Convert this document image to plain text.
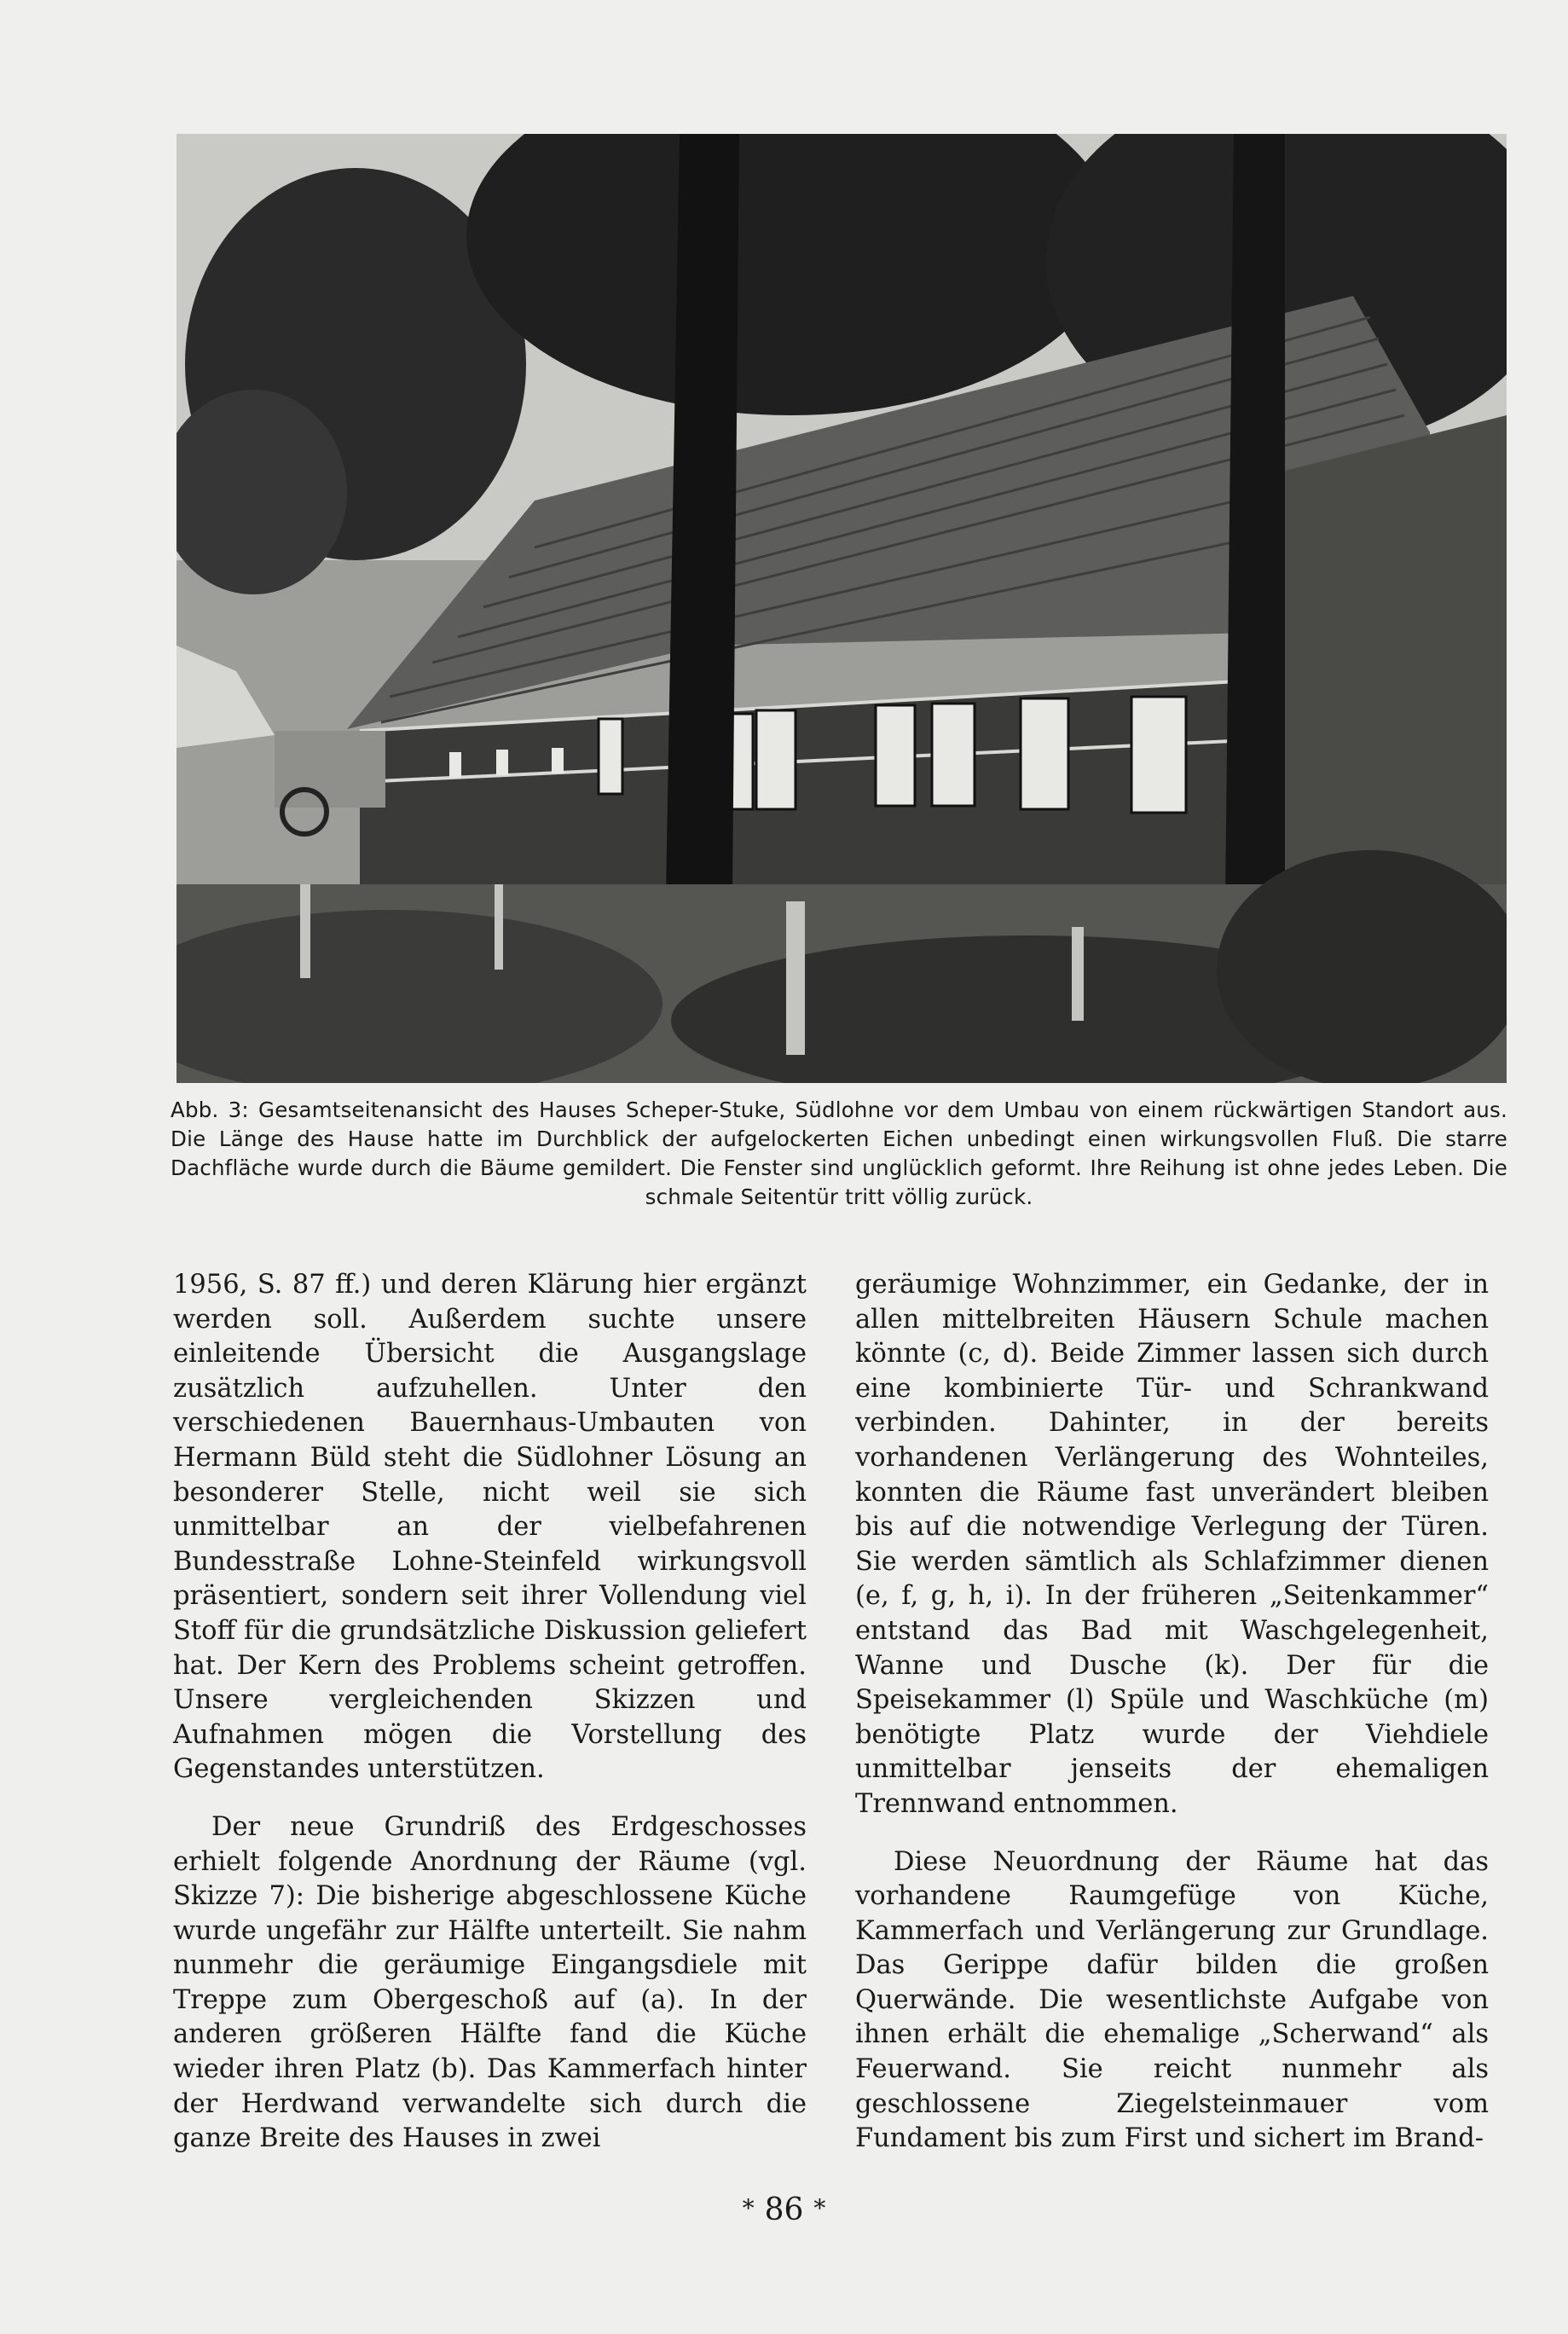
Abb. 3: Gesamtseitenansicht des Hauses Scheper-Stuke, Südlohne vor dem Umbau von einem rückwärtigen Standort aus. Die Länge des Hause hatte im Durchblick der aufgelockerten Eichen unbedingt einen wirkungsvollen Fluß. Die starre Dachfläche wurde durch die Bäume gemildert. Die Fenster sind unglücklich geformt. Ihre Reihung ist ohne jedes Leben. Die schmale Seitentür tritt völlig zurück.

1956, S. 87 ff.) und deren Klärung hier ergänzt werden soll. Außerdem suchte unsere einleitende Übersicht die Ausgangslage zusätzlich aufzuhellen. Unter den verschiedenen Bauernhaus-Umbauten von Hermann Büld steht die Südlohner Lösung an besonderer Stelle, nicht weil sie sich unmittelbar an der vielbefahrenen Bundesstraße Lohne-Steinfeld wirkungsvoll präsentiert, sondern seit ihrer Vollendung viel Stoff für die grundsätzliche Diskussion geliefert hat. Der Kern des Problems scheint getroffen. Unsere vergleichenden Skizzen und Aufnahmen mögen die Vorstellung des Gegenstandes unterstützen.

Der neue Grundriß des Erdgeschosses erhielt folgende Anordnung der Räume (vgl. Skizze 7): Die bisherige abgeschlossene Küche wurde ungefähr zur Hälfte unterteilt. Sie nahm nunmehr die geräumige Eingangsdiele mit Treppe zum Obergeschoß auf (a). In der anderen größeren Hälfte fand die Küche wieder ihren Platz (b). Das Kammerfach hinter der Herdwand verwandelte sich durch die ganze Breite des Hauses in zwei

geräumige Wohnzimmer, ein Gedanke, der in allen mittelbreiten Häusern Schule machen könnte (c, d). Beide Zimmer lassen sich durch eine kombinierte Tür- und Schrankwand verbinden. Dahinter, in der bereits vorhandenen Verlängerung des Wohnteiles, konnten die Räume fast unverändert bleiben bis auf die notwendige Verlegung der Türen. Sie werden sämtlich als Schlafzimmer dienen (e, f, g, h, i). In der früheren „Seitenkammer“ entstand das Bad mit Waschgelegenheit, Wanne und Dusche (k). Der für die Speisekammer (l) Spüle und Waschküche (m) benötigte Platz wurde der Viehdiele unmittelbar jenseits der ehemaligen Trennwand entnommen.

Diese Neuordnung der Räume hat das vorhandene Raumgefüge von Küche, Kammerfach und Verlängerung zur Grundlage. Das Gerippe dafür bilden die großen Querwände. Die wesentlichste Aufgabe von ihnen erhält die ehemalige „Scherwand“ als Feuerwand. Sie reicht nunmehr als geschlossene Ziegelsteinmauer vom Fundament bis zum First und sichert im Brand-

* 86 *
